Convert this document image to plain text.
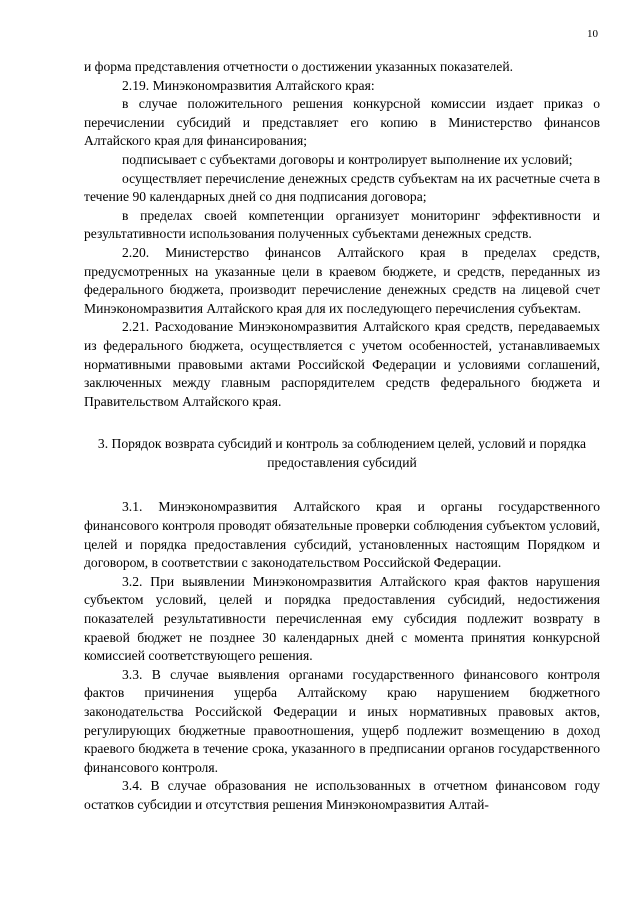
10

и форма представления отчетности о достижении указанных показателей.

2.19. Минэкономразвития Алтайского края:

в случае положительного решения конкурсной комиссии издает приказ о перечислении субсидий и представляет его копию в Министерство финансов Алтайского края для финансирования;

подписывает с субъектами договоры и контролирует выполнение их условий;

осуществляет перечисление денежных средств субъектам на их расчетные счета в течение 90 календарных дней со дня подписания договора;

в пределах своей компетенции организует мониторинг эффективности и результативности использования полученных субъектами денежных средств.

2.20. Министерство финансов Алтайского края в пределах средств, предусмотренных на указанные цели в краевом бюджете, и средств, переданных из федерального бюджета, производит перечисление денежных средств на лицевой счет Минэкономразвития Алтайского края для их последующего перечисления субъектам.

2.21. Расходование Минэкономразвития Алтайского края средств, передаваемых из федерального бюджета, осуществляется с учетом особенностей, устанавливаемых нормативными правовыми актами Российской Федерации и условиями соглашений, заключенных между главным распорядителем средств федерального бюджета и Правительством Алтайского края.

3. Порядок возврата субсидий и контроль за соблюдением целей, условий и порядка предоставления субсидий

3.1. Минэкономразвития Алтайского края и органы государственного финансового контроля проводят обязательные проверки соблюдения субъектом условий, целей и порядка предоставления субсидий, установленных настоящим Порядком и договором, в соответствии с законодательством Российской Федерации.

3.2. При выявлении Минэкономразвития Алтайского края фактов нарушения субъектом условий, целей и порядка предоставления субсидий, недостижения показателей результативности перечисленная ему субсидия подлежит возврату в краевой бюджет не позднее 30 календарных дней с момента принятия конкурсной комиссией соответствующего решения.

3.3. В случае выявления органами государственного финансового контроля фактов причинения ущерба Алтайскому краю нарушением бюджетного законодательства Российской Федерации и иных нормативных правовых актов, регулирующих бюджетные правоотношения, ущерб подлежит возмещению в доход краевого бюджета в течение срока, указанного в предписании органов государственного финансового контроля.

3.4. В случае образования не использованных в отчетном финансовом году остатков субсидии и отсутствия решения Минэкономразвития Алтай-
